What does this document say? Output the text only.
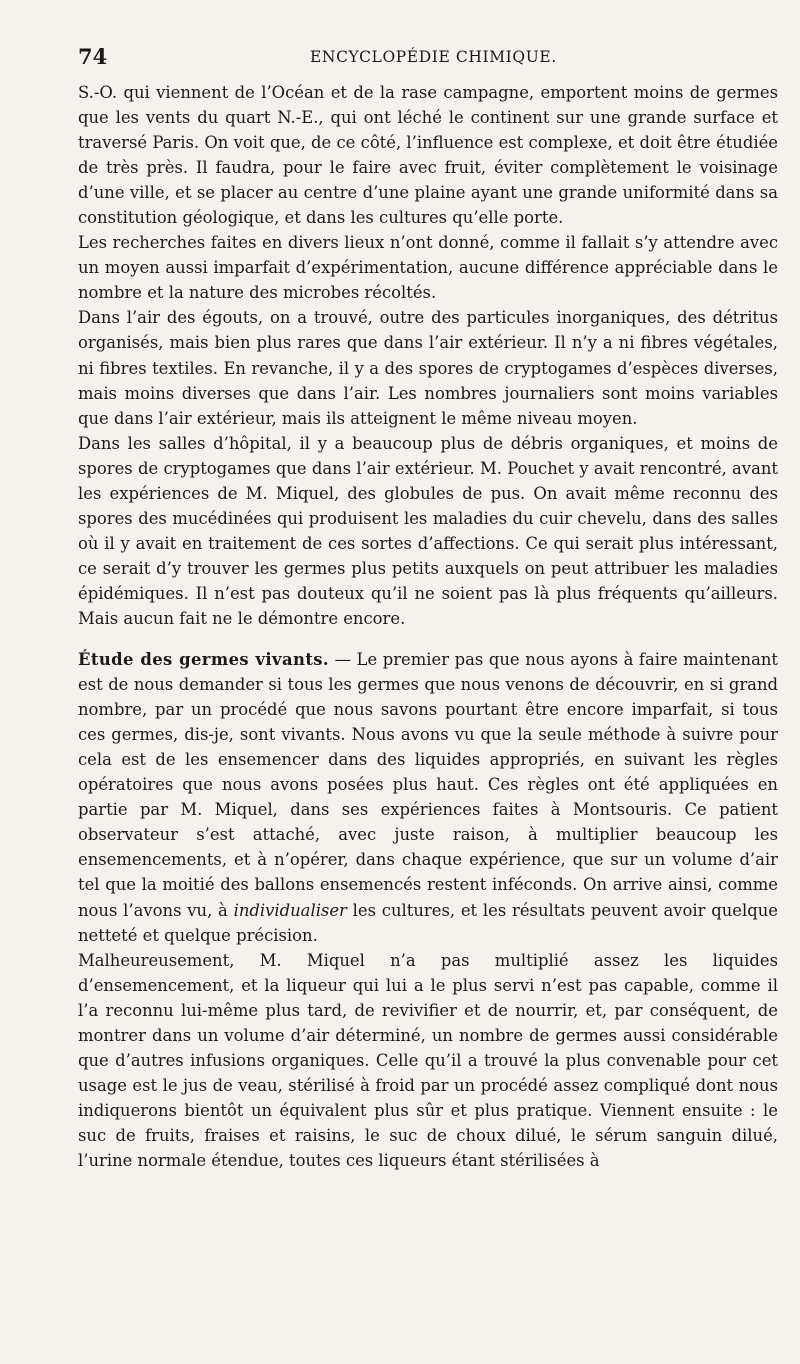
74	ENCYCLOPÉDIE CHIMIQUE.

S.-O. qui viennent de l’Océan et de la rase campagne, emportent moins de germes que les vents du quart N.-E., qui ont léché le continent sur une grande surface et traversé Paris. On voit que, de ce côté, l’influence est complexe, et doit être étudiée de très près. Il faudra, pour le faire avec fruit, éviter complètement le voisinage d’une ville, et se placer au centre d’une plaine ayant une grande uniformité dans sa constitution géologique, et dans les cultures qu’elle porte.

Les recherches faites en divers lieux n’ont donné, comme il fallait s’y attendre avec un moyen aussi imparfait d’expérimentation, aucune différence appréciable dans le nombre et la nature des microbes récoltés.

Dans l’air des égouts, on a trouvé, outre des particules inorganiques, des détritus organisés, mais bien plus rares que dans l’air extérieur. Il n’y a ni fibres végétales, ni fibres textiles. En revanche, il y a des spores de cryptogames d’espèces diverses, mais moins diverses que dans l’air. Les nombres journaliers sont moins variables que dans l’air extérieur, mais ils atteignent le même niveau moyen.

Dans les salles d’hôpital, il y a beaucoup plus de débris organiques, et moins de spores de cryptogames que dans l’air extérieur. M. Pouchet y avait rencontré, avant les expériences de M. Miquel, des globules de pus. On avait même reconnu des spores des mucédinées qui produisent les maladies du cuir chevelu, dans des salles où il y avait en traitement de ces sortes d’affections. Ce qui serait plus intéressant, ce serait d’y trouver les germes plus petits auxquels on peut attribuer les maladies épidémiques. Il n’est pas douteux qu’il ne soient pas là plus fréquents qu’ailleurs. Mais aucun fait ne le démontre encore.

Étude des germes vivants. — Le premier pas que nous ayons à faire maintenant est de nous demander si tous les germes que nous venons de découvrir, en si grand nombre, par un procédé que nous savons pourtant être encore imparfait, si tous ces germes, dis-je, sont vivants. Nous avons vu que la seule méthode à suivre pour cela est de les ensemencer dans des liquides appropriés, en suivant les règles opératoires que nous avons posées plus haut. Ces règles ont été appliquées en partie par M. Miquel, dans ses expériences faites à Montsouris. Ce patient observateur s’est attaché, avec juste raison, à multiplier beaucoup les ensemencements, et à n’opérer, dans chaque expérience, que sur un volume d’air tel que la moitié des ballons ensemencés restent inféconds. On arrive ainsi, comme nous l’avons vu, à individualiser les cultures, et les résultats peuvent avoir quelque netteté et quelque précision.

Malheureusement, M. Miquel n’a pas multiplié assez les liquides d’ensemencement, et la liqueur qui lui a le plus servi n’est pas capable, comme il l’a reconnu lui-même plus tard, de revivifier et de nourrir, et, par conséquent, de montrer dans un volume d’air déterminé, un nombre de germes aussi considérable que d’autres infusions organiques. Celle qu’il a trouvé la plus convenable pour cet usage est le jus de veau, stérilisé à froid par un procédé assez compliqué dont nous indiquerons bientôt un équivalent plus sûr et plus pratique. Viennent ensuite : le suc de fruits, fraises et raisins, le suc de choux dilué, le sérum sanguin dilué, l’urine normale étendue, toutes ces liqueurs étant stérilisées à
